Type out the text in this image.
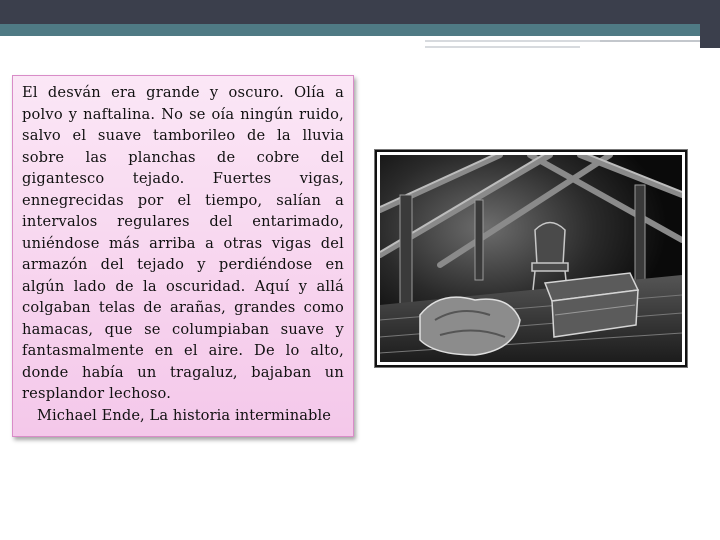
El desván era grande y oscuro. Olía a polvo y naftalina. No se oía ningún ruido, salvo el suave tamborileo de la lluvia sobre las planchas de cobre del gigantesco tejado. Fuertes vigas, ennegrecidas por el tiempo, salían a intervalos regulares del entarimado, uniéndose más arriba a otras vigas del armazón del tejado y perdiéndose en algún lado de la oscuridad. Aquí y allá colgaban telas de arañas, grandes como hamacas, que se columpiaban suave y fantasmalmente en el aire. De lo alto, donde había un tragaluz, bajaban un resplandor lechoso.

Michael Ende, La historia interminable
